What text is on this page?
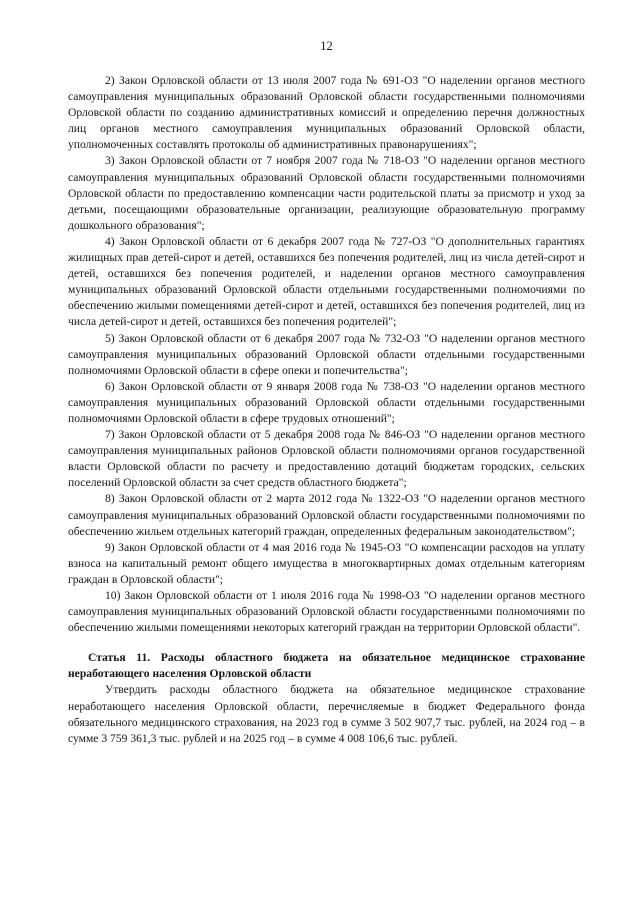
12

2) Закон Орловской области от 13 июля 2007 года № 691-ОЗ "О наделении органов местного самоуправления муниципальных образований Орловской области государственными полномочиями Орловской области по созданию административных комиссий и определению перечня должностных лиц органов местного самоуправления муниципальных образований Орловской области, уполномоченных составлять протоколы об административных правонарушениях";

3) Закон Орловской области от 7 ноября 2007 года № 718-ОЗ "О наделении органов местного самоуправления муниципальных образований Орловской области государственными полномочиями Орловской области по предоставлению компенсации части родительской платы за присмотр и уход за детьми, посещающими образовательные организации, реализующие образовательную программу дошкольного образования";

4) Закон Орловской области от 6 декабря 2007 года № 727-ОЗ "О дополнительных гарантиях жилищных прав детей-сирот и детей, оставшихся без попечения родителей, лиц из числа детей-сирот и детей, оставшихся без попечения родителей, и наделении органов местного самоуправления муниципальных образований Орловской области отдельными государственными полномочиями по обеспечению жилыми помещениями детей-сирот и детей, оставшихся без попечения родителей, лиц из числа детей-сирот и детей, оставшихся без попечения родителей";

5) Закон Орловской области от 6 декабря 2007 года № 732-ОЗ "О наделении органов местного самоуправления муниципальных образований Орловской области отдельными государственными полномочиями Орловской области в сфере опеки и попечительства";

6) Закон Орловской области от 9 января 2008 года № 738-ОЗ "О наделении органов местного самоуправления муниципальных образований Орловской области отдельными государственными полномочиями Орловской области в сфере трудовых отношений";

7) Закон Орловской области от 5 декабря 2008 года № 846-ОЗ "О наделении органов местного самоуправления муниципальных районов Орловской области полномочиями органов государственной власти Орловской области по расчету и предоставлению дотаций бюджетам городских, сельских поселений Орловской области за счет средств областного бюджета";

8) Закон Орловской области от 2 марта 2012 года № 1322-ОЗ "О наделении органов местного самоуправления муниципальных образований Орловской области государственными полномочиями по обеспечению жильем отдельных категорий граждан, определенных федеральным законодательством";

9) Закон Орловской области от 4 мая 2016 года № 1945-ОЗ "О компенсации расходов на уплату взноса на капитальный ремонт общего имущества в многоквартирных домах отдельным категориям граждан в Орловской области";

10) Закон Орловской области от 1 июля 2016 года № 1998-ОЗ "О наделении органов местного самоуправления муниципальных образований Орловской области государственными полномочиями по обеспечению жилыми помещениями некоторых категорий граждан на территории Орловской области".

Статья 11. Расходы областного бюджета на обязательное медицинское страхование неработающего населения Орловской области

Утвердить расходы областного бюджета на обязательное медицинское страхование неработающего населения Орловской области, перечисляемые в бюджет Федерального фонда обязательного медицинского страхования, на 2023 год в сумме 3 502 907,7 тыс. рублей, на 2024 год – в сумме 3 759 361,3 тыс. рублей и на 2025 год – в сумме 4 008 106,6 тыс. рублей.
